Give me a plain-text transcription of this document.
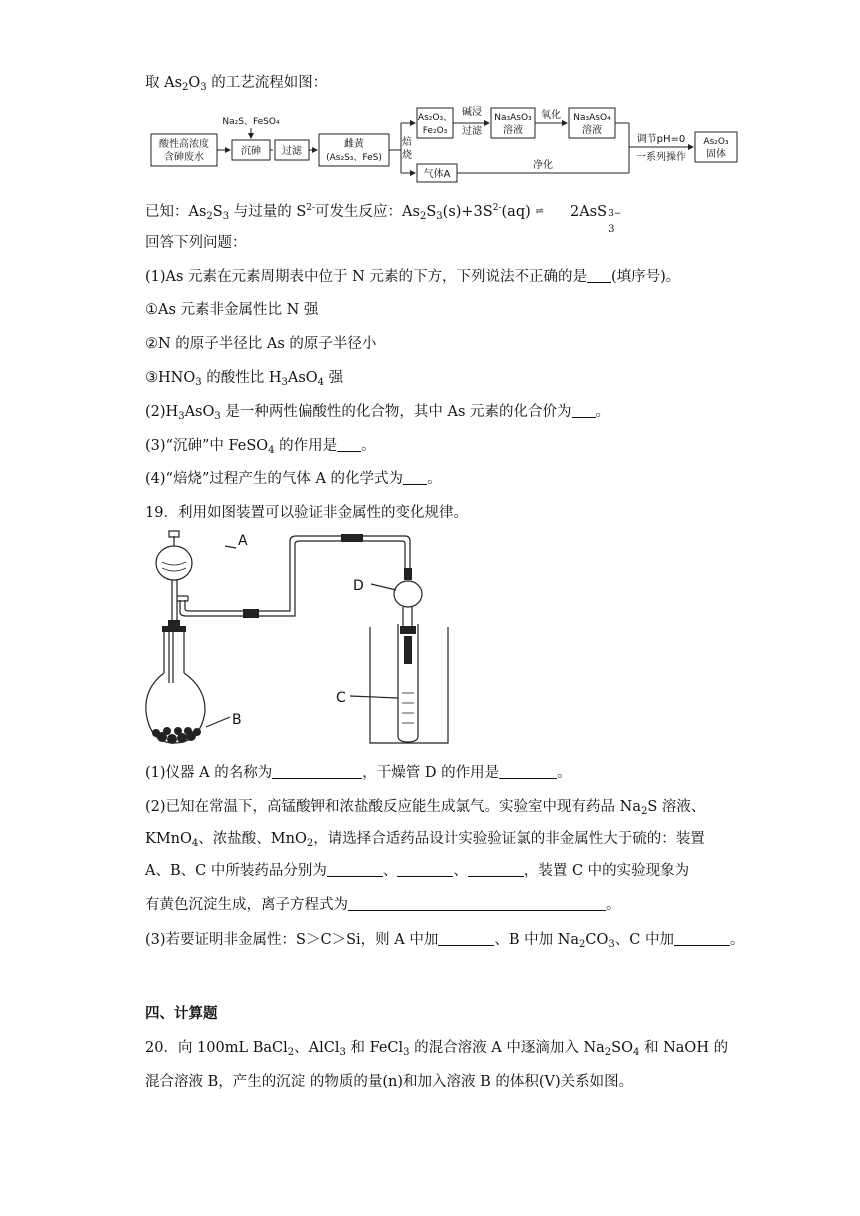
取 $As_2O_3$ 的工艺流程如图：
酸性高浓度
含砷废水
Na₂S、FeSO₄
沉砷 过滤
雌黄
(As₂S₃、FeS)
焙
烧
As₂O₃、
Fe₂O₃
碱浸
过滤
Na₃AsO₃
溶液
氧化 Na₃AsO₄
溶液
调节pH=0
一系列操作
As₂O₃
固体
气体A
净化
已知：$As_2S_3$ 与过量的 $S^{2-}$可发生反应：$As_2S_3(s)+3S^{2-}(aq)$ ⇌ 2AsS 3−
3
回答下列问题：
(1)As 元素在元素周期表中位于 N 元素的下方，下列说法不正确的是 (填序号)。
①As 元素非金属性比 N 强
②N 的原子半径比 As 的原子半径小
$③HNO_3$ 的酸性比 $H_3AsO_4$ 强
$(2)H_3AsO_3$ 是一种两性偏酸性的化合物，其中 As 元素的化合价为 。
(3)“沉砷”中 FeSO$_4$ 的作用是 。
(4)“焙烧”过程产生的气体 A 的化学式为 。
19．利用如图装置可以验证非金属性的变化规律。
A
B
C
D
(1)仪器 A 的名称为	，干燥管 D 的作用是	。
(2)已知在常温下，高锰酸钾和浓盐酸反应能生成氯气。实验室中现有药品 $Na_2S$ 溶液、
KMnO$_4$、浓盐酸、MnO$_2$，请选择合适药品设计实验验证氯的非金属性大于硫的：装置
A、B、C 中所装药品分别为	、	、	，装置 C 中的实验现象为
有黄色沉淀生成，离子方程式为	。
(3)若要证明非金属性：S＞C＞Si，则 A 中加	、B 中加 $Na_2CO_3$、C 中加	。
四、计算题
20．向 100mL BaCl$_2$、AlCl$_3$ 和 FeCl$_3$ 的混合溶液 A 中逐滴加入 $Na_2SO_4$ 和 NaOH 的
混合溶液 B，产生的沉淀 的物质的量(n)和加入溶液 B 的体积(V)关系如图。
